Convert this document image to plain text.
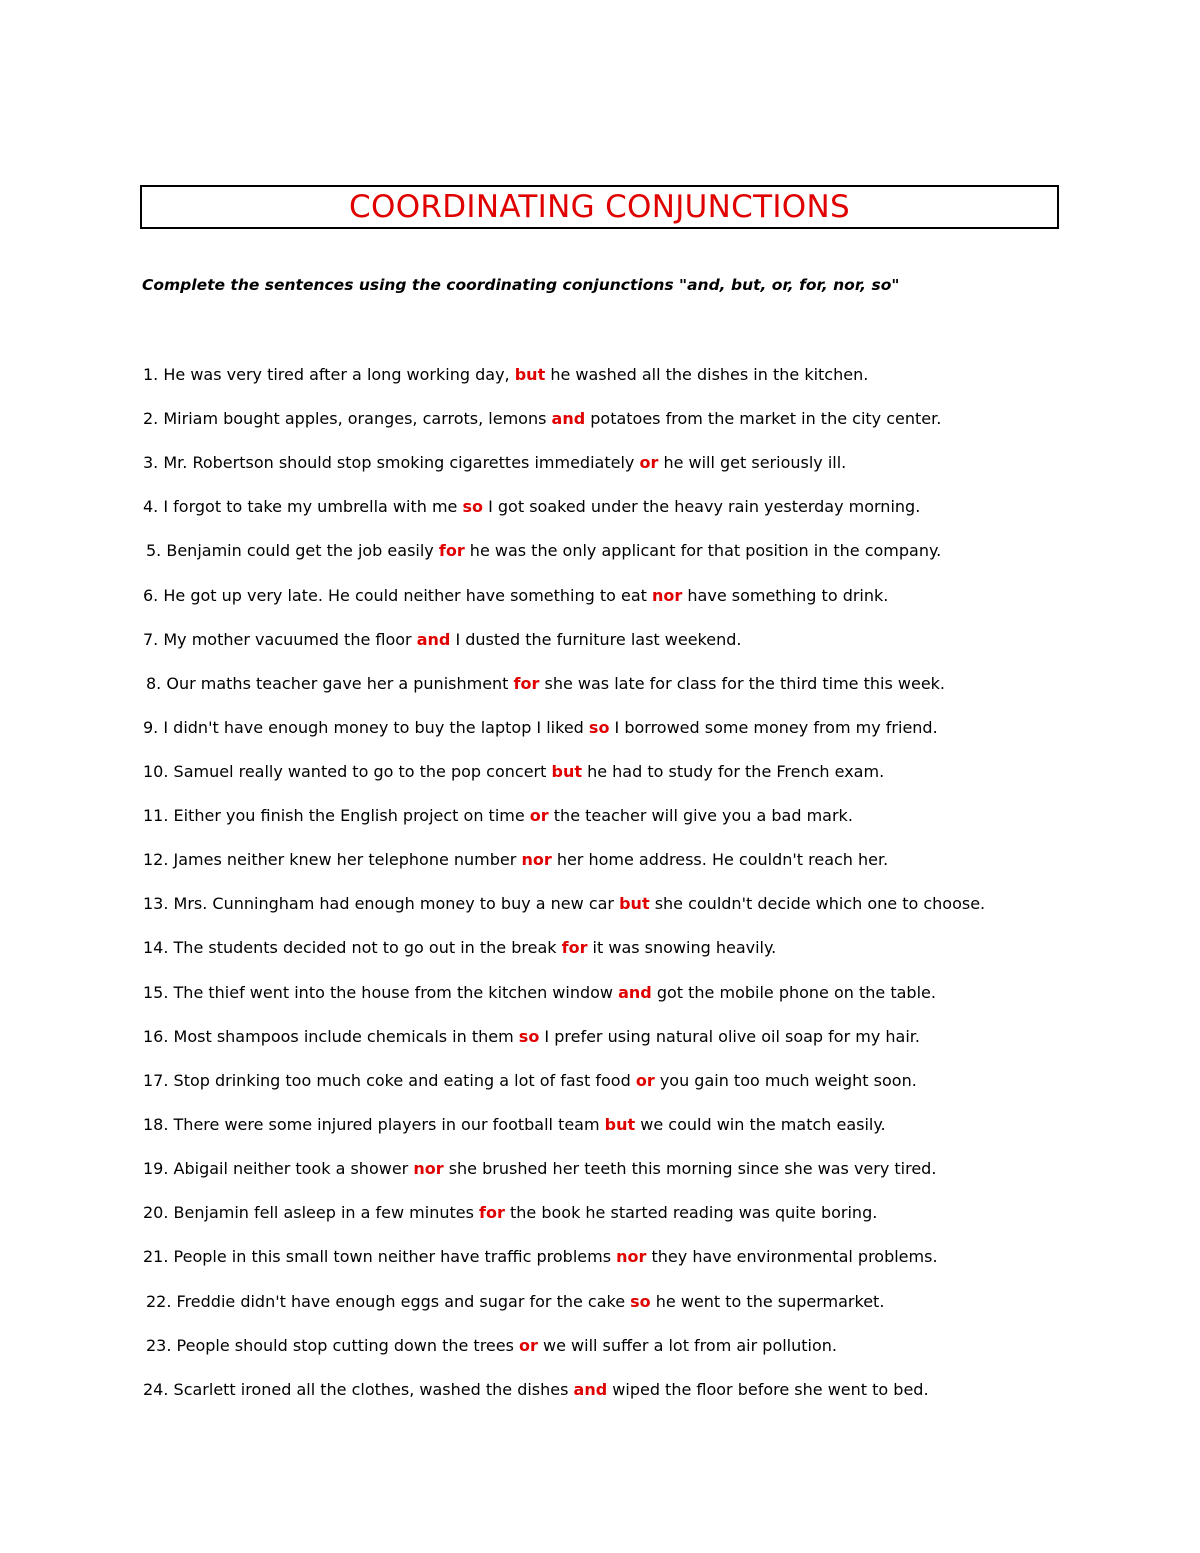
COORDINATING CONJUNCTIONS
Complete the sentences using the coordinating conjunctions "and, but, or, for, nor, so"
1. He was very tired after a long working day, but he washed all the dishes in the kitchen.
2. Miriam bought apples, oranges, carrots, lemons and potatoes from the market in the city center.
3. Mr. Robertson should stop smoking cigarettes immediately or he will get seriously ill.
4. I forgot to take my umbrella with me so I got soaked under the heavy rain yesterday morning.
5. Benjamin could get the job easily for he was the only applicant for that position in the company.
6. He got up very late. He could neither have something to eat nor have something to drink.
7. My mother vacuumed the floor and I dusted the furniture last weekend.
8. Our maths teacher gave her a punishment for she was late for class for the third time this week.
9. I didn't have enough money to buy the laptop I liked so I borrowed some money from my friend.
10. Samuel really wanted to go to the pop concert but he had to study for the French exam.
11. Either you finish the English project on time or the teacher will give you a bad mark.
12. James neither knew her telephone number nor her home address. He couldn't reach her.
13. Mrs. Cunningham had enough money to buy a new car but she couldn't decide which one to choose.
14. The students decided not to go out in the break for it was snowing heavily.
15. The thief went into the house from the kitchen window and got the mobile phone on the table.
16. Most shampoos include chemicals in them so I prefer using natural olive oil soap for my hair.
17. Stop drinking too much coke and eating a lot of fast food or you gain too much weight soon.
18. There were some injured players in our football team but we could win the match easily.
19. Abigail neither took a shower nor she brushed her teeth this morning since she was very tired.
20. Benjamin fell asleep in a few minutes for the book he started reading was quite boring.
21. People in this small town neither have traffic problems nor they have environmental problems.
22. Freddie didn't have enough eggs and sugar for the cake so he went to the supermarket.
23. People should stop cutting down the trees or we will suffer a lot from air pollution.
24. Scarlett ironed all the clothes, washed the dishes and wiped the floor before she went to bed.
